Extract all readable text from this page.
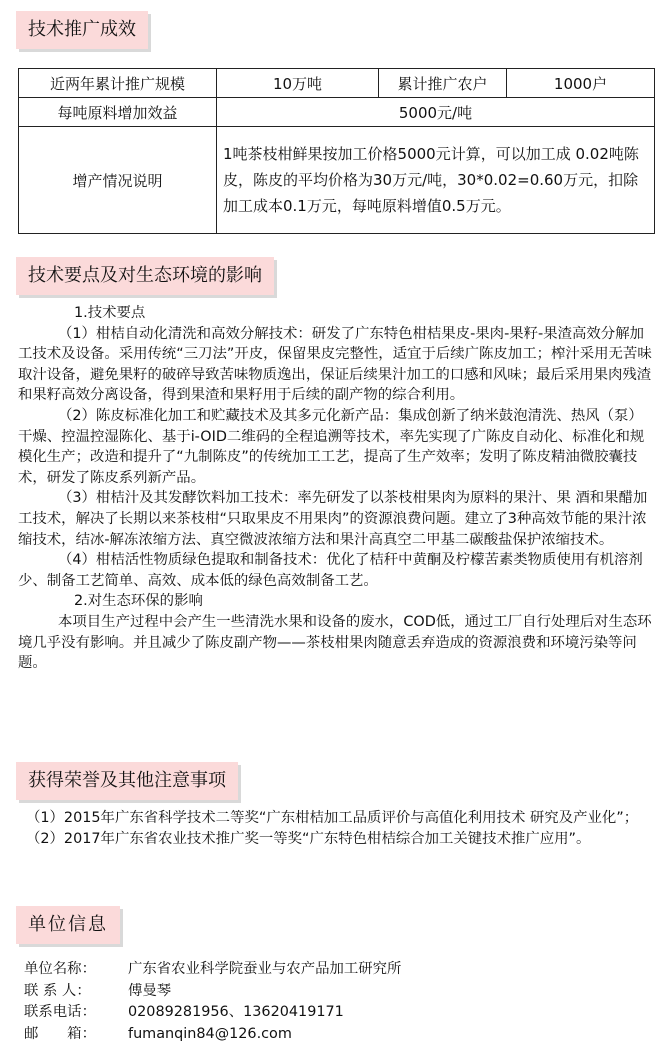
技术推广成效
近两年累计推广规模	10万吨	累计推广农户	1000户
每吨原料增加效益	5000元/吨		
增产情况说明	1吨茶枝柑鲜果按加工价格5000元计算，可以加工成 0.02吨陈皮，陈皮的平均价格为30万元/吨，30*0.02=0.60万元，扣除加工成本0.1万元，每吨原料增值0.5万元。		
技术要点及对生态环境的影响

1.技术要点

（1）柑桔自动化清洗和高效分解技术：研发了广东特色柑桔果皮-果肉-果籽-果渣高效分解加工技术及设备。采用传统“三刀法”开皮，保留果皮完整性，适宜于后续广陈皮加工；榨汁采用无苦味取汁设备，避免果籽的破碎导致苦味物质逸出，保证后续果汁加工的口感和风味；最后采用果肉残渣和果籽高效分离设备，得到果渣和果籽用于后续的副产物的综合利用。

（2）陈皮标准化加工和贮藏技术及其多元化新产品：集成创新了纳米鼓泡清洗、热风（泵）干燥、控温控湿陈化、基于i-OID二维码的全程追溯等技术，率先实现了广陈皮自动化、标准化和规模化生产；改造和提升了“九制陈皮”的传统加工工艺，提高了生产效率；发明了陈皮精油微胶囊技术，研发了陈皮系列新产品。

（3）柑桔汁及其发酵饮料加工技术：率先研发了以茶枝柑果肉为原料的果汁、果 酒和果醋加工技术，解决了长期以来茶枝柑“只取果皮不用果肉”的资源浪费问题。建立了3种高效节能的果汁浓缩技术，结冰-解冻浓缩方法、真空微波浓缩方法和果汁高真空二甲基二碳酸盐保护浓缩技术。

（4）柑桔活性物质绿色提取和制备技术：优化了桔秆中黄酮及柠檬苦素类物质使用有机溶剂少、制备工艺简单、高效、成本低的绿色高效制备工艺。

2.对生态环保的影响

本项目生产过程中会产生一些清洗水果和设备的废水，COD低，通过工厂自行处理后对生态环境几乎没有影响。并且减少了陈皮副产物——茶枝柑果肉随意丢弃造成的资源浪费和环境污染等问题。

获得荣誉及其他注意事项

（1）2015年广东省科学技术二等奖“广东柑桔加工品质评价与高值化利用技术 研究及产业化”；

（2）2017年广东省农业技术推广奖一等奖“广东特色柑桔综合加工关键技术推广应用”。

单位信息

单位名称： 广东省农业科学院蚕业与农产品加工研究所

联 系 人：	傅曼琴

联系电话： 02089281956、13620419171

邮　　箱： fumanqin84@126.com
